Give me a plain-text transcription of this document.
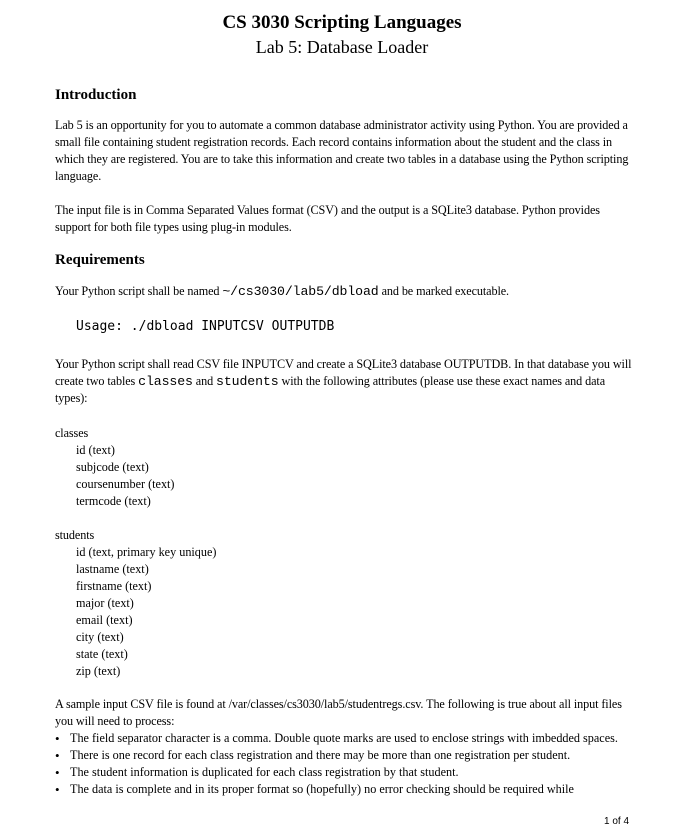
CS 3030 Scripting Languages
Lab 5: Database Loader
Introduction

Lab 5 is an opportunity for you to automate a common database administrator activity using Python. You are provided a small file containing student registration records. Each record contains information about the student and the class in which they are registered. You are to take this information and create two tables in a database using the Python scripting language.

The input file is in Comma Separated Values format (CSV) and the output is a SQLite3 database. Python provides support for both file types using plug-in modules.

Requirements

Your Python script shall be named ~/cs3030/lab5/dbload and be marked executable.

Usage: ./dbload INPUTCSV OUTPUTDB

Your Python script shall read CSV file INPUTCV and create a SQLite3 database OUTPUTDB. In that database you will create two tables classes and students with the following attributes (please use these exact names and data types):

classes
id (text)
subjcode (text)
coursenumber (text)
termcode (text)
students
id (text, primary key unique)
lastname (text)
firstname (text)
major (text)
email (text)
city (text)
state (text)
zip (text)

A sample input CSV file is found at /var/classes/cs3030/lab5/studentregs.csv. The following is true about all input files you will need to process:

• The field separator character is a comma. Double quote marks are used to enclose strings with imbedded spaces.
• There is one record for each class registration and there may be more than one registration per student.
• The student information is duplicated for each class registration by that student.
• The data is complete and in its proper format so (hopefully) no error checking should be required while

1 of 4
